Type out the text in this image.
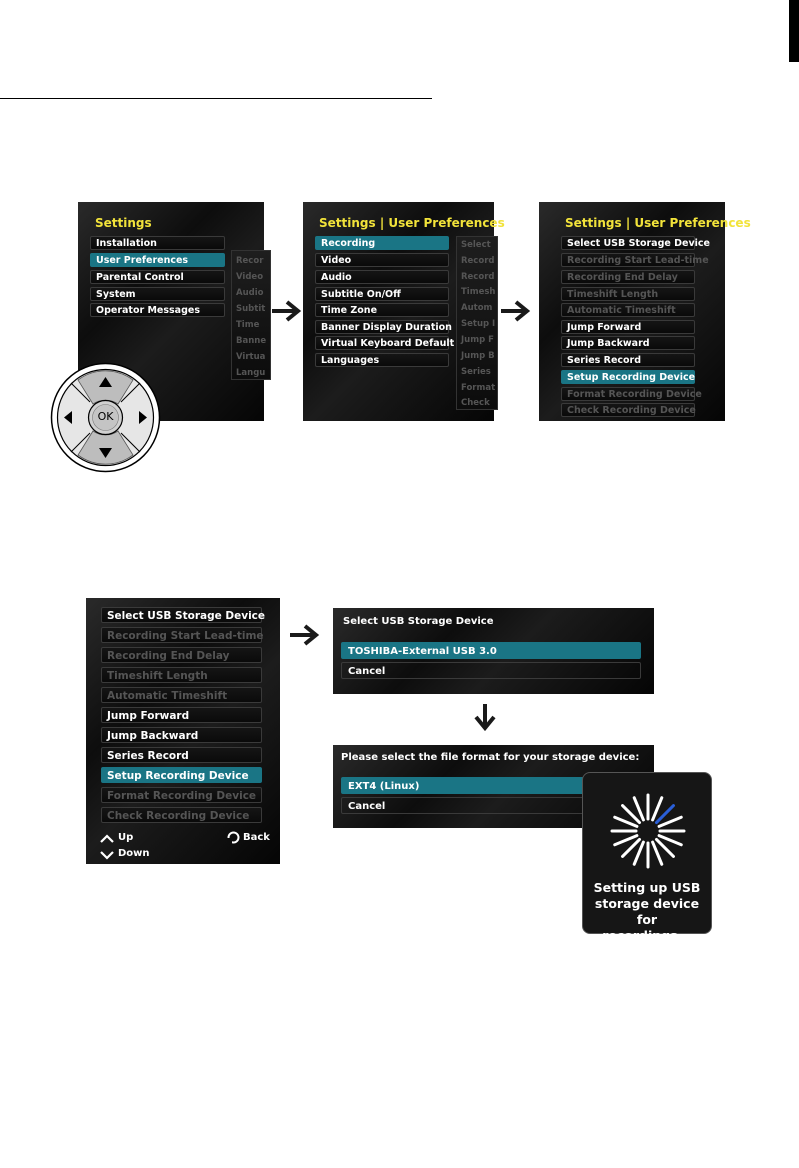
Settings
Recor
Video
Audio
Subtit
Time
Banne
Virtua
Langu
Installation
User Preferences
Parental Control
System
Operator Messages
OK
Settings | User Preferences
Select
Record
Record
Timesh
Autom
Setup I
Jump F
Jump B
Series
Format
Check
Recording
Video
Audio
Subtitle On/Off
Time Zone
Banner Display Duration
Virtual Keyboard Default
Languages
Settings | User Preferences
Select USB Storage Device
Recording Start Lead-time
Recording End Delay
Timeshift Length
Automatic Timeshift
Jump Forward
Jump Backward
Series Record
Setup Recording Device
Format Recording Device
Check Recording Device
Select USB Storage Device
Recording Start Lead-time
Recording End Delay
Timeshift Length
Automatic Timeshift
Jump Forward
Jump Backward
Series Record
Setup Recording Device
Format Recording Device
Check Recording Device
Up
Down
Back
Select USB Storage Device
TOSHIBA-External USB 3.0
Cancel
Please select the file format for your storage device:
EXT4 (Linux)
Cancel
Setting up USB
storage device for
recordings...
